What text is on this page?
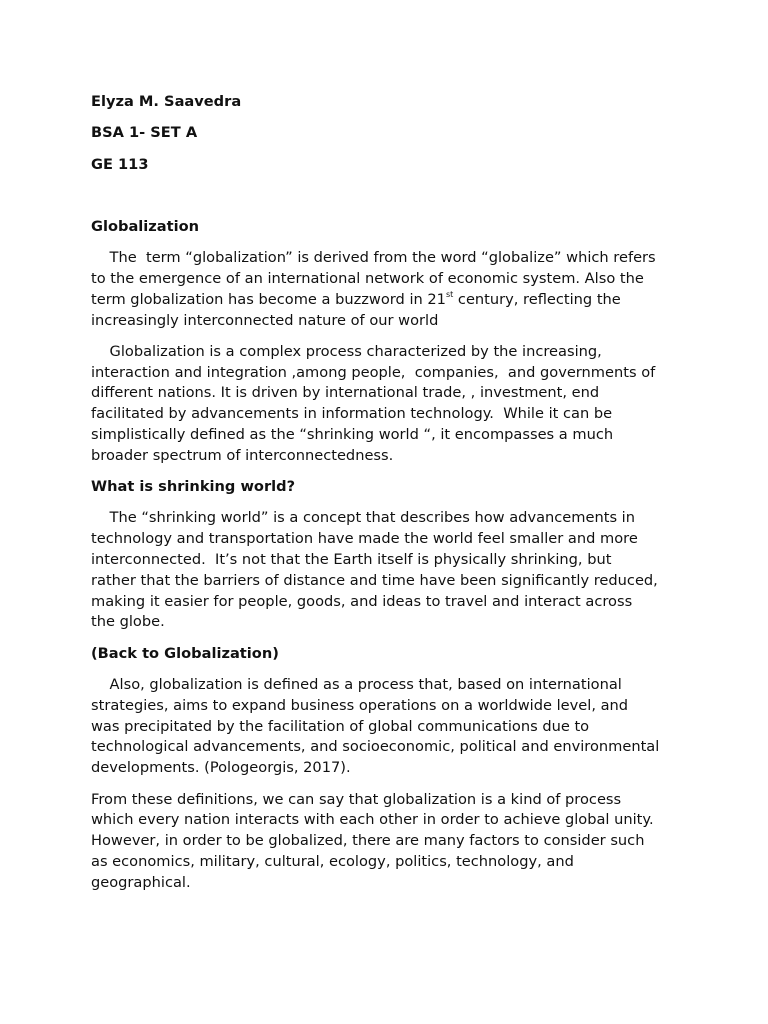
Elyza M. Saavedra
BSA 1- SET A
GE 113
Globalization
The  term “globalization” is derived from the word “globalize” which refers
to the emergence of an international network of economic system. Also the
term globalization has become a buzzword in 21st century, reflecting the
increasingly interconnected nature of our world
Globalization is a complex process characterized by the increasing,
interaction and integration ,among people,  companies,  and governments of
different nations. It is driven by international trade, , investment, end
facilitated by advancements in information technology.  While it can be
simplistically defined as the “shrinking world “, it encompasses a much
broader spectrum of interconnectedness.
What is shrinking world?
The “shrinking world” is a concept that describes how advancements in
technology and transportation have made the world feel smaller and more
interconnected.  It’s not that the Earth itself is physically shrinking, but
rather that the barriers of distance and time have been significantly reduced,
making it easier for people, goods, and ideas to travel and interact across
the globe.
(Back to Globalization)
Also, globalization is defined as a process that, based on international
strategies, aims to expand business operations on a worldwide level, and
was precipitated by the facilitation of global communications due to
technological advancements, and socioeconomic, political and environmental
developments. (Pologeorgis, 2017).
From these definitions, we can say that globalization is a kind of process
which every nation interacts with each other in order to achieve global unity.
However, in order to be globalized, there are many factors to consider such
as economics, military, cultural, ecology, politics, technology, and
geographical.
